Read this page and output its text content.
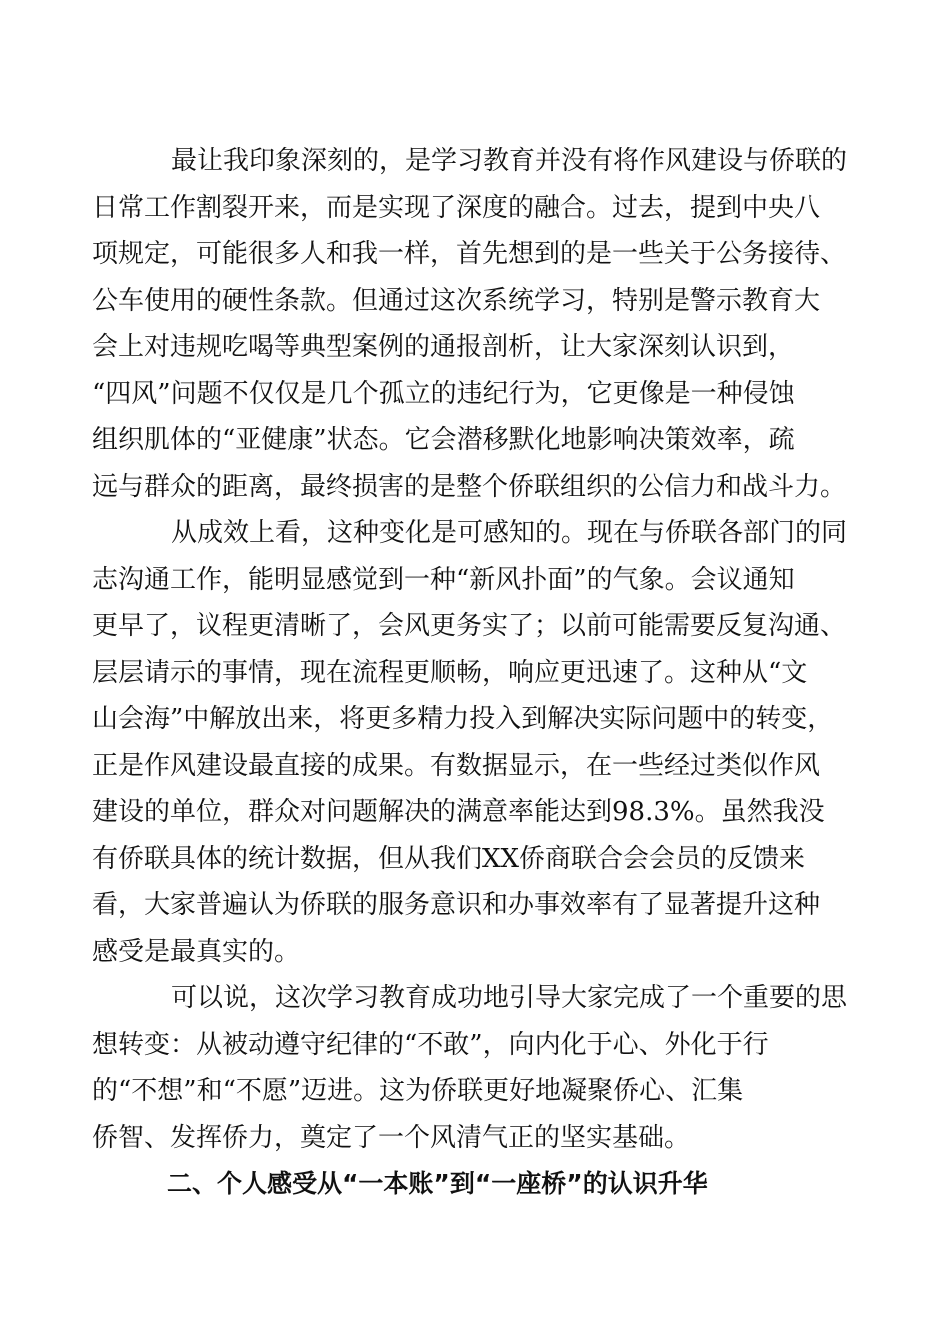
　　最让我印象深刻的，是学习教育并没有将作风建设与侨联的
日常工作割裂开来，而是实现了深度的融合。过去，提到中央八
项规定，可能很多人和我一样，首先想到的是一些关于公务接待、
公车使用的硬性条款。但通过这次系统学习，特别是警示教育大
会上对违规吃喝等典型案例的通报剖析，让大家深刻认识到，
“四风”问题不仅仅是几个孤立的违纪行为，它更像是一种侵蚀
组织肌体的“亚健康”状态。它会潜移默化地影响决策效率，疏
远与群众的距离，最终损害的是整个侨联组织的公信力和战斗力。
　　从成效上看，这种变化是可感知的。现在与侨联各部门的同
志沟通工作，能明显感觉到一种“新风扑面”的气象。会议通知
更早了，议程更清晰了，会风更务实了；以前可能需要反复沟通、
层层请示的事情，现在流程更顺畅，响应更迅速了。这种从“文
山会海”中解放出来，将更多精力投入到解决实际问题中的转变，
正是作风建设最直接的成果。有数据显示，在一些经过类似作风
建设的单位，群众对问题解决的满意率能达到98.3%。虽然我没
有侨联具体的统计数据，但从我们XX侨商联合会会员的反馈来
看，大家普遍认为侨联的服务意识和办事效率有了显著提升这种
感受是最真实的。
　　可以说，这次学习教育成功地引导大家完成了一个重要的思
想转变：从被动遵守纪律的“不敢”，向内化于心、外化于行
的“不想”和“不愿”迈进。这为侨联更好地凝聚侨心、汇集
侨智、发挥侨力，奠定了一个风清气正的坚实基础。
二、个人感受从“一本账”到“一座桥”的认识升华
